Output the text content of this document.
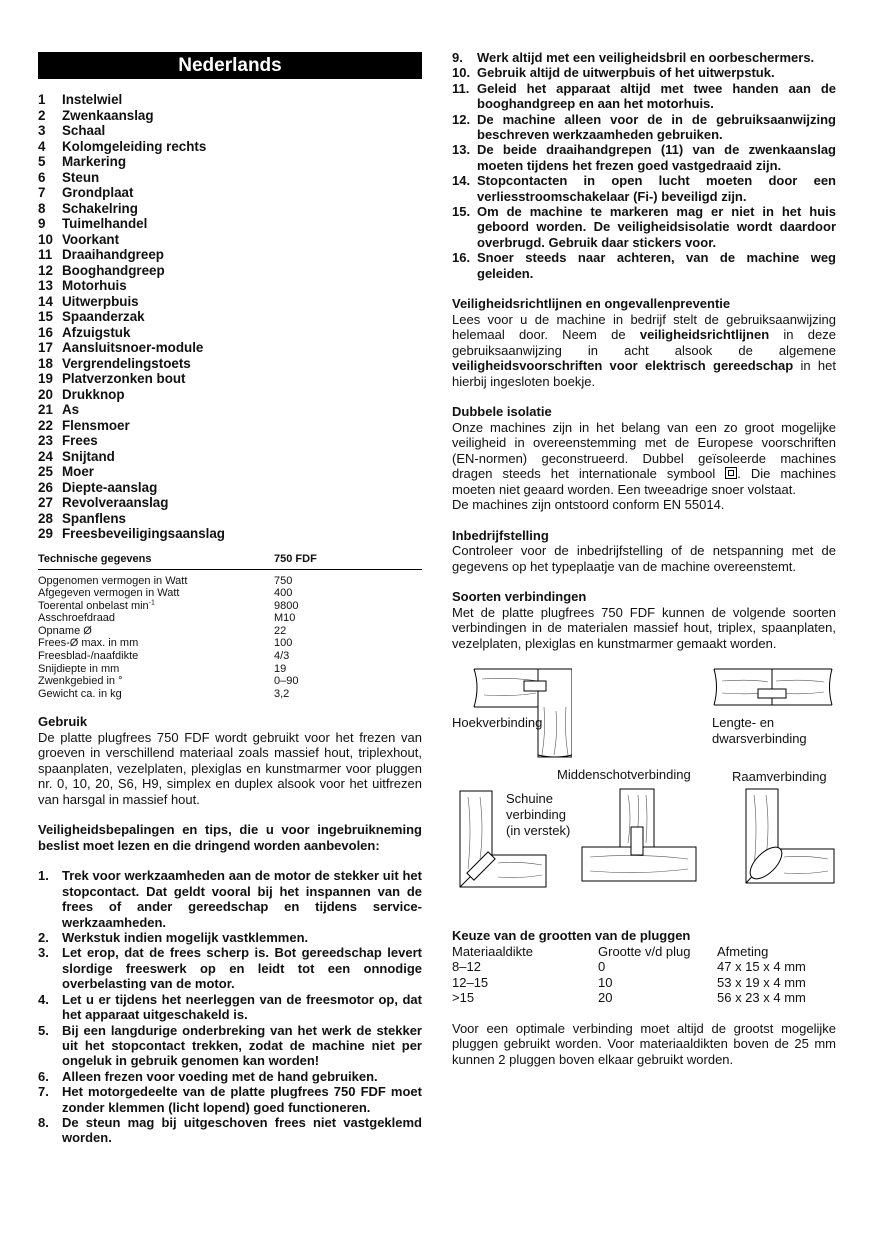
Nederlands
1	Instelwiel
2	Zwenkaanslag
3	Schaal
4	Kolomgeleiding rechts
5	Markering
6	Steun
7	Grondplaat
8	Schakelring
9	Tuimelhandel
10 Voorkant
11 Draaihandgreep
12 Booghandgreep
13 Motorhuis
14 Uitwerpbuis
15 Spaanderzak
16 Afzuigstuk
17 Aansluitsnoer-module
18 Vergrendelingstoets
19 Platverzonken bout
20 Drukknop
21 As
22 Flensmoer
23 Frees
24 Snijtand
25 Moer
26 Diepte-aanslag
27 Revolveraanslag
28 Spanflens
29 Freesbeveiligingsaanslag
Technische gegevens	750 FDF
Opgenomen vermogen in Watt	750
Afgegeven vermogen in Watt	400
Toerental onbelast $\min^{-1}$	9800
Asschroefdraad	M10
Opname Ø	22
Frees-Ø max. in mm	100
Freesblad-/naafdikte	4/3
Snijdiepte in mm	19
Zwenkgebied in °	0–90
Gewicht ca. in kg	3,2
Gebruik

De platte plugfrees 750 FDF wordt gebruikt voor het frezen van groeven in verschillend materiaal zoals massief hout, triplexhout, spaanplaten, vezelplaten, plexiglas en kunstmarmer voor pluggen nr. 0, 10, 20, S6, H9, simplex en duplex alsook voor het uitfrezen van harsgal in massief hout.

Veiligheidsbepalingen en tips, die u voor ingebruikneming beslist moet lezen en die dringend worden aanbevolen:

1. Trek voor werkzaamheden aan de motor de stekker uit het stopcontact. Dat geldt vooral bij het inspannen van de frees of ander gereedschap en tijdens service-werkzaamheden.
2. Werkstuk indien mogelijk vastklemmen.
3. Let erop, dat de frees scherp is. Bot gereedschap levert slordige freeswerk op en leidt tot een onnodige overbelasting van de motor.
4. Let u er tijdens het neerleggen van de freesmotor op, dat het apparaat uitgeschakeld is.
5. Bij een langdurige onderbreking van het werk de stekker uit het stopcontact trekken, zodat de machine niet per ongeluk in gebruik genomen kan worden!
6. Alleen frezen voor voeding met de hand gebruiken.
7. Het motorgedeelte van de platte plugfrees 750 FDF moet zonder klemmen (licht lopend) goed functioneren.
8. De steun mag bij uitgeschoven frees niet vastgeklemd worden.
9. Werk altijd met een veiligheidsbril en oorbeschermers.
10. Gebruik altijd de uitwerpbuis of het uitwerpstuk.
11. Geleid het apparaat altijd met twee handen aan de booghandgreep en aan het motorhuis.
12. De machine alleen voor de in de gebruiksaanwijzing beschreven werkzaamheden gebruiken.
13. De beide draaihandgrepen (11) van de zwenkaanslag moeten tijdens het frezen goed vastgedraaid zijn.
14. Stopcontacten in open lucht moeten door een verliesstroomschakelaar (Fi-) beveiligd zijn.
15. Om de machine te markeren mag er niet in het huis geboord worden. De veiligheidsisolatie wordt daardoor overbrugd. Gebruik daar stickers voor.
16. Snoer steeds naar achteren, van de machine weg geleiden.
Veiligheidsrichtlijnen en ongevallenpreventie

Lees voor u de machine in bedrijf stelt de gebruiksaanwijzing helemaal door. Neem de veiligheidsrichtlijnen in deze gebruiksaanwijzing in acht alsook de algemene veiligheidsvoorschriften voor elektrisch gereedschap in het hierbij ingesloten boekje.

Dubbele isolatie

Onze machines zijn in het belang van een zo groot mogelijke veiligheid in overeenstemming met de Europese voorschriften (EN-normen) geconstrueerd. Dubbel geïsoleerde machines dragen steeds het internationale symbool . Die machines moeten niet geaard worden. Een tweeadrige snoer volstaat.

De machines zijn ontstoord conform EN 55014.

Inbedrijfstelling

Controleer voor de inbedrijfstelling of de netspanning met de gegevens op het typeplaatje van de machine overeenstemt.

Soorten verbindingen

Met de platte plugfrees 750 FDF kunnen de volgende soorten verbindingen in de materialen massief hout, triplex, spaanplaten, vezelplaten, plexiglas en kunstmarmer gemaakt worden.

Hoekverbinding	Lengte- en
dwarsverbinding
Middenschotverbinding	Raamverbinding
Schuine
verbinding
(in verstek)
Keuze van de grootten van de pluggen
Materiaaldikte	Grootte v/d plug	Afmeting
8–12	0	47 x 15 x 4 mm
12–15	10	53 x 19 x 4 mm
>15	20	56 x 23 x 4 mm

Voor een optimale verbinding moet altijd de grootst mogelijke pluggen gebruikt worden. Voor materiaaldikten boven de 25 mm kunnen 2 pluggen boven elkaar gebruikt worden.
